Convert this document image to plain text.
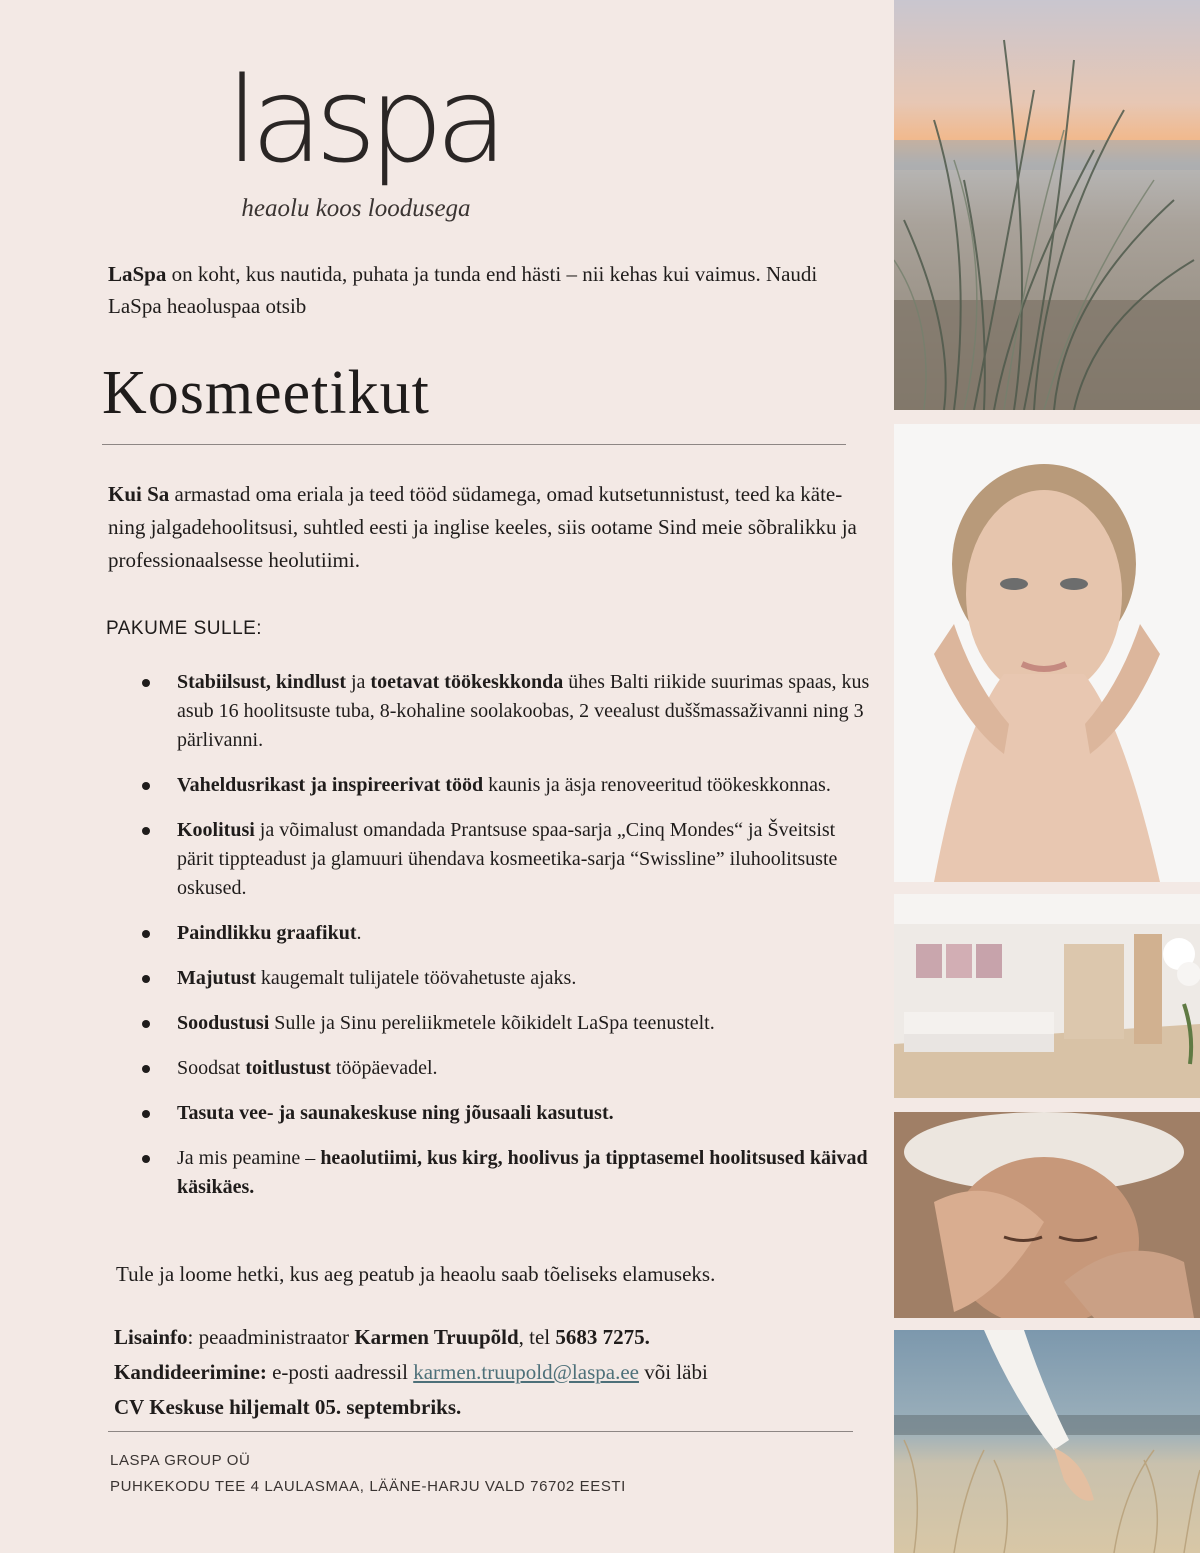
laspa
heaolu koos loodusega
LaSpa on koht, kus nautida, puhata ja tunda end hästi – nii kehas kui vaimus. Naudi LaSpa heaoluspaa otsib
Kosmeetikut
Kui Sa armastad oma eriala ja teed tööd südamega, omad kutsetunnistust, teed ka käte- ning jalgadehoolitsusi, suhtled eesti ja inglise keeles, siis ootame Sind meie sõbralikku ja professionaalsesse heolutiimi.
PAKUME SULLE:
Stabiilsust, kindlust ja toetavat töökeskkonda ühes Balti riikide suurimas spaas, kus asub 16 hoolitsuste tuba, 8-kohaline soolakoobas, 2 veealust duššmassaživanni ning 3 pärlivanni.
Vaheldusrikast ja inspireerivat tööd kaunis ja äsja renoveeritud töökeskkonnas.
Koolitusi ja võimalust omandada Prantsuse spaa-sarja „Cinq Mondes“ ja Šveitsist pärit tippteadust ja glamuuri ühendava kosmeetika-sarja “Swissline” iluhoolitsuste oskused.
Paindlikku graafikut.
Majutust kaugemalt tulijatele töövahetuste ajaks.
Soodustusi Sulle ja Sinu pereliikmetele kõikidelt LaSpa teenustelt.
Soodsat toitlustust tööpäevadel.
Tasuta vee- ja saunakeskuse ning jõusaali kasutust.
Ja mis peamine – heaolutiimi, kus kirg, hoolivus ja tipptasemel hoolitsused käivad käsikäes.
Tule ja loome hetki, kus aeg peatub ja heaolu saab tõeliseks elamuseks.
Lisainfo: peaadministraator Karmen Truupõld, tel 5683 7275.
Kandideerimine: e-posti aadressil karmen.truupold@laspa.ee või läbi
CV Keskuse hiljemalt 05. septembriks.
LASPA GROUP OÜ
PUHKEKODU TEE 4 LAULASMAA, LÄÄNE-HARJU VALD 76702 EESTI
